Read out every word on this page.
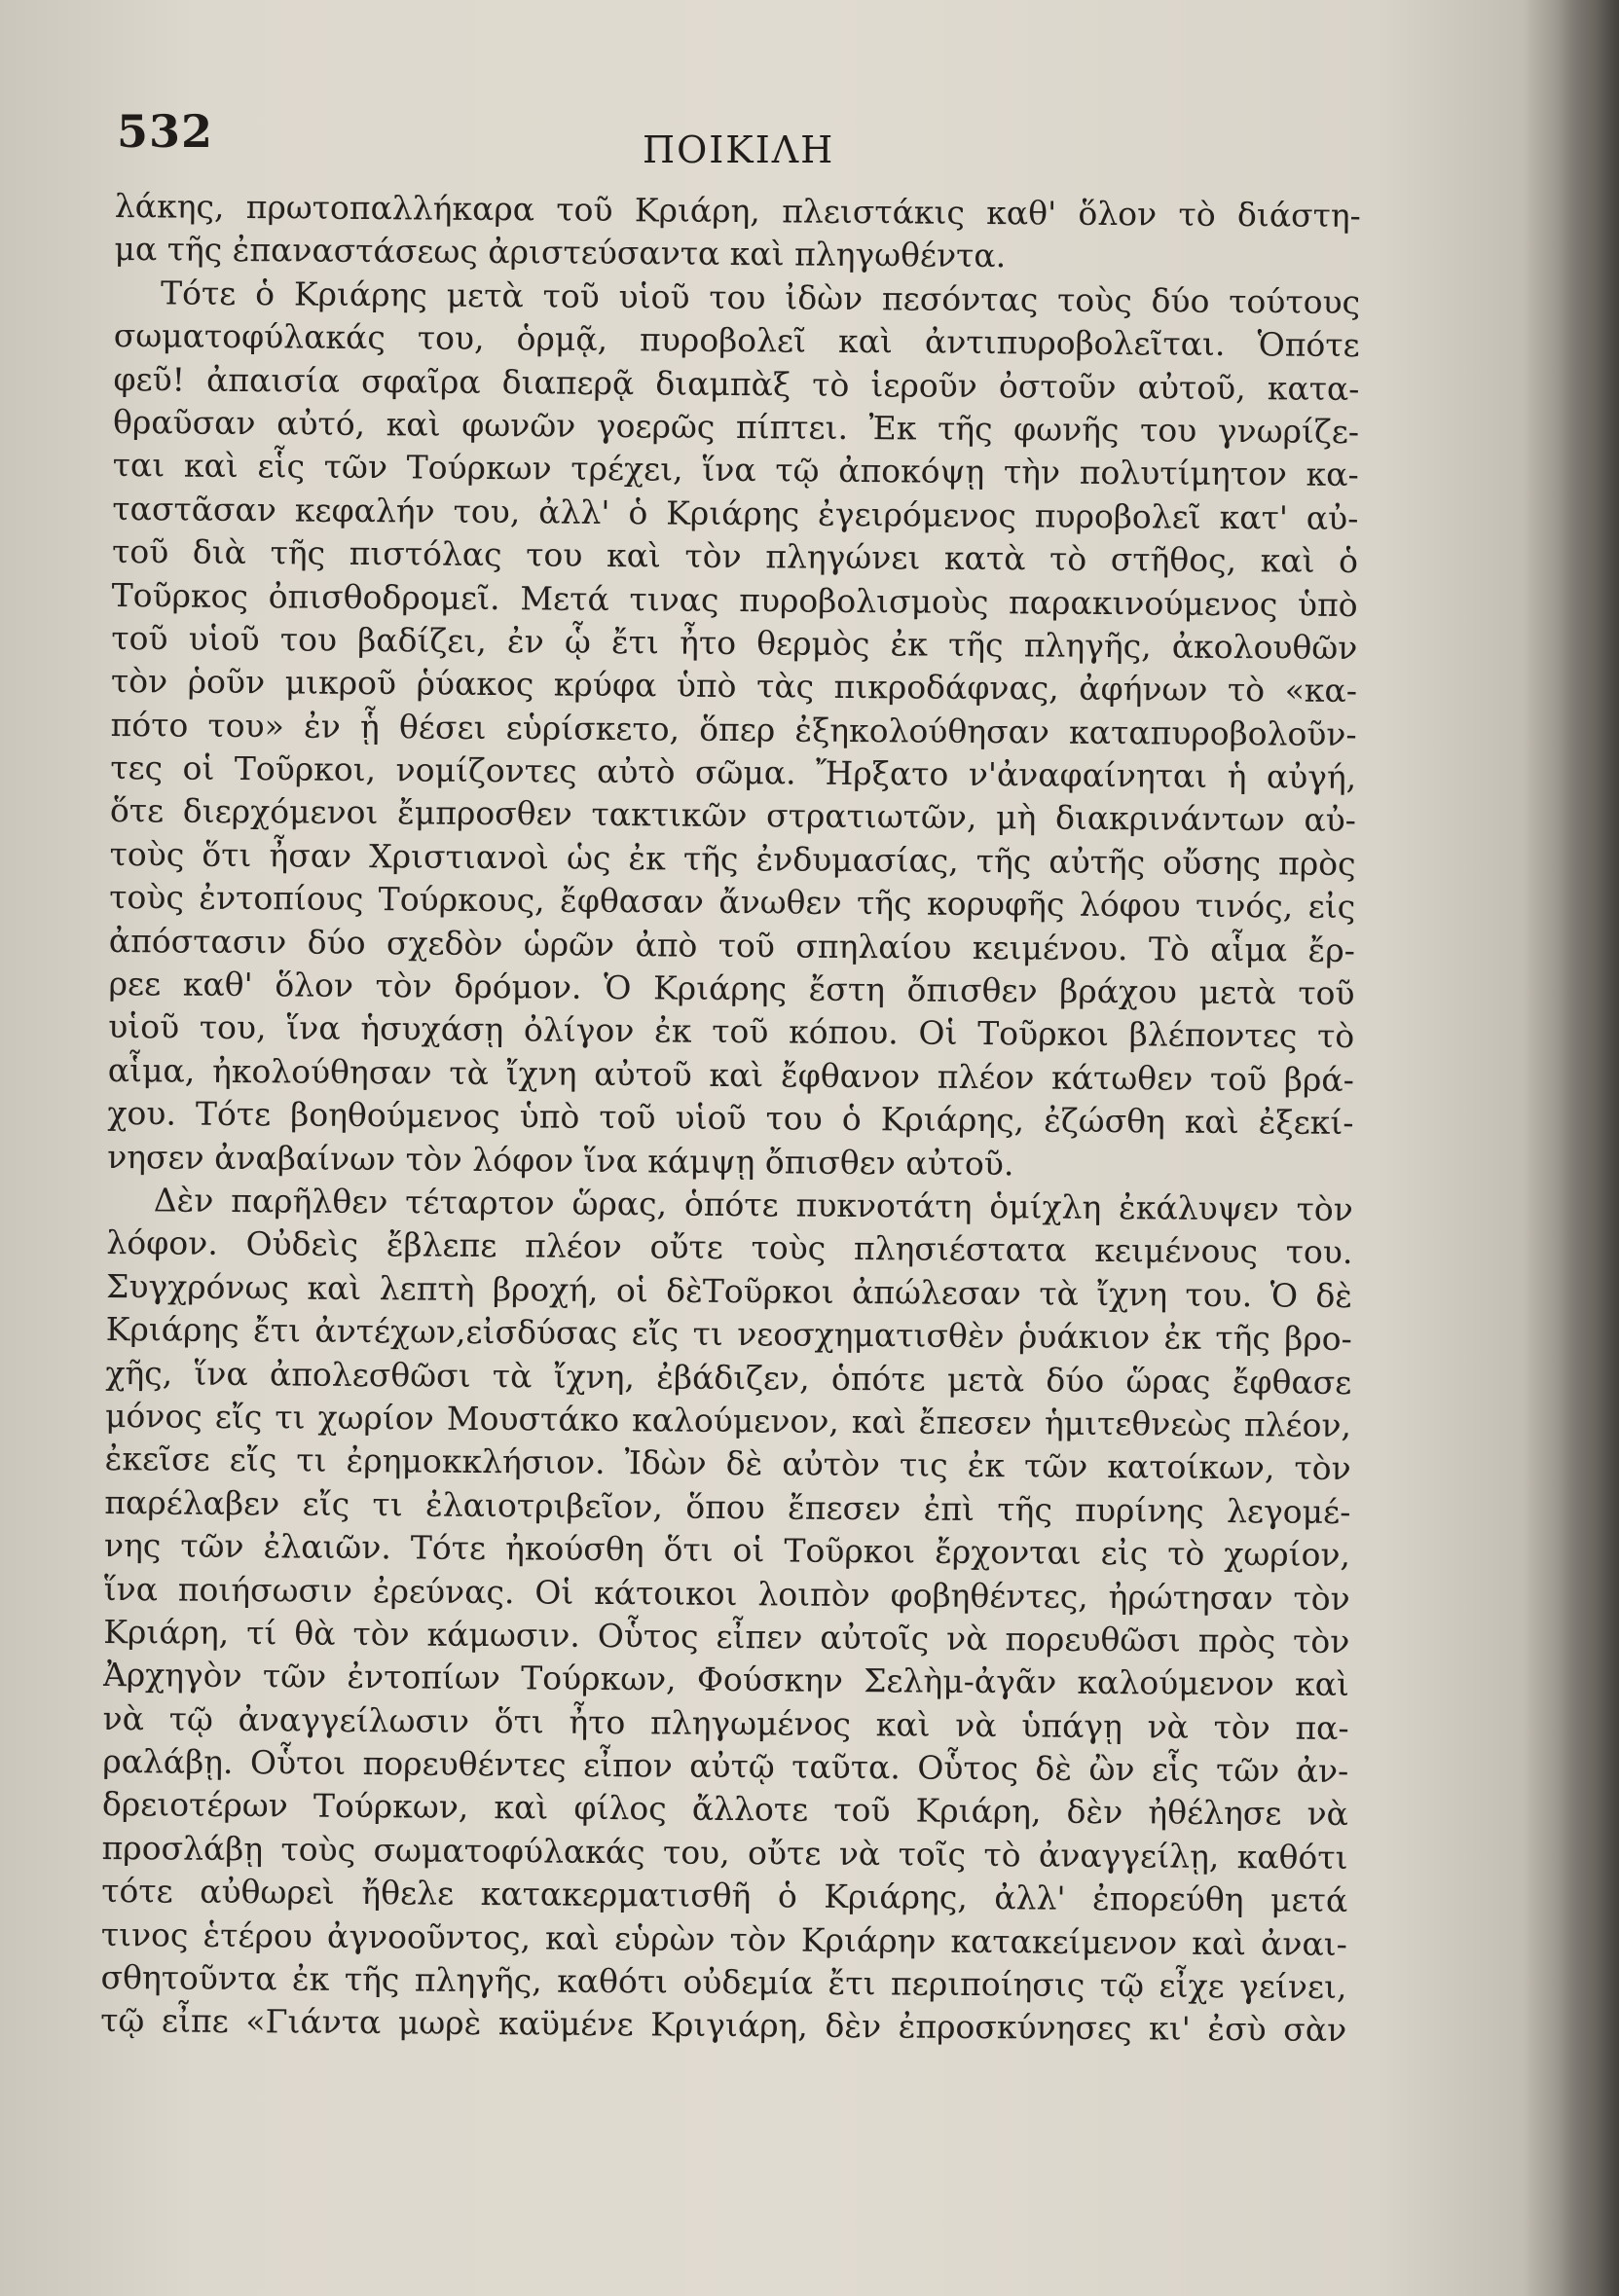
532	ΠΟΙΚΙΛΗ
λάκης, πρωτοπαλλήκαρα τοῦ Κριάρη, πλειστάκις καθ' ὅλον τὸ διάστη-
μα τῆς ἐπαναστάσεως ἀριστεύσαντα καὶ πληγωθέντα.
Τότε ὁ Κριάρης μετὰ τοῦ υἱοῦ του ἰδὼν πεσόντας τοὺς δύο τούτους
σωματοφύλακάς του, ὁρμᾷ, πυροβολεῖ καὶ ἀντιπυροβολεῖται. Ὁπότε
φεῦ! ἀπαισία σφαῖρα διαπερᾷ διαμπὰξ τὸ ἱεροῦν ὀστοῦν αὐτοῦ, κατα-
θραῦσαν αὐτό, καὶ φωνῶν γοερῶς πίπτει. Ἐκ τῆς φωνῆς του γνωρίζε-
ται καὶ εἷς τῶν Τούρκων τρέχει, ἵνα τῷ ἀποκόψῃ τὴν πολυτίμητον κα-
ταστᾶσαν κεφαλήν του, ἀλλ' ὁ Κριάρης ἐγειρόμενος πυροβολεῖ κατ' αὐ-
τοῦ διὰ τῆς πιστόλας του καὶ τὸν πληγώνει κατὰ τὸ στῆθος, καὶ ὁ
Τοῦρκος ὀπισθοδρομεῖ. Μετά τινας πυροβολισμοὺς παρακινούμενος ὑπὸ
τοῦ υἱοῦ του βαδίζει, ἐν ᾧ ἔτι ἦτο θερμὸς ἐκ τῆς πληγῆς, ἀκολουθῶν
τὸν ῥοῦν μικροῦ ῥύακος κρύφα ὑπὸ τὰς πικροδάφνας, ἀφήνων τὸ «κα-
πότο του» ἐν ᾗ θέσει εὑρίσκετο, ὅπερ ἐξηκολούθησαν καταπυροβολοῦν-
τες οἱ Τοῦρκοι, νομίζοντες αὐτὸ σῶμα. Ἤρξατο ν'ἀναφαίνηται ἡ αὐγή,
ὅτε διερχόμενοι ἔμπροσθεν τακτικῶν στρατιωτῶν, μὴ διακρινάντων αὐ-
τοὺς ὅτι ἦσαν Χριστιανοὶ ὡς ἐκ τῆς ἐνδυμασίας, τῆς αὐτῆς οὔσης πρὸς
τοὺς ἐντοπίους Τούρκους, ἔφθασαν ἄνωθεν τῆς κορυφῆς λόφου τινός, εἰς
ἀπόστασιν δύο σχεδὸν ὡρῶν ἀπὸ τοῦ σπηλαίου κειμένου. Τὸ αἷμα ἔρ-
ρεε καθ' ὅλον τὸν δρόμον. Ὁ Κριάρης ἔστη ὄπισθεν βράχου μετὰ τοῦ
υἱοῦ του, ἵνα ἡσυχάσῃ ὀλίγον ἐκ τοῦ κόπου. Οἱ Τοῦρκοι βλέποντες τὸ
αἷμα, ἠκολούθησαν τὰ ἴχνη αὐτοῦ καὶ ἔφθανον πλέον κάτωθεν τοῦ βρά-
χου. Τότε βοηθούμενος ὑπὸ τοῦ υἱοῦ του ὁ Κριάρης, ἐζώσθη καὶ ἐξεκί-
νησεν ἀναβαίνων τὸν λόφον ἵνα κάμψῃ ὄπισθεν αὐτοῦ.
Δὲν παρῆλθεν τέταρτον ὥρας, ὁπότε πυκνοτάτη ὁμίχλη ἐκάλυψεν τὸν
λόφον. Οὐδεὶς ἔβλεπε πλέον οὔτε τοὺς πλησιέστατα κειμένους του.
Συγχρόνως καὶ λεπτὴ βροχή, οἱ δὲΤοῦρκοι ἀπώλεσαν τὰ ἴχνη του. Ὁ δὲ
Κριάρης ἔτι ἀντέχων,εἰσδύσας εἴς τι νεοσχηματισθὲν ῥυάκιον ἐκ τῆς βρο-
χῆς, ἵνα ἀπολεσθῶσι τὰ ἴχνη, ἐβάδιζεν, ὁπότε μετὰ δύο ὥρας ἔφθασε
μόνος εἴς τι χωρίον Μουστάκο καλούμενον, καὶ ἔπεσεν ἡμιτεθνεὼς πλέον,
ἐκεῖσε εἴς τι ἐρημοκκλήσιον. Ἰδὼν δὲ αὐτὸν τις ἐκ τῶν κατοίκων, τὸν
παρέλαβεν εἴς τι ἐλαιοτριβεῖον, ὅπου ἔπεσεν ἐπὶ τῆς πυρίνης λεγομέ-
νης τῶν ἐλαιῶν. Τότε ἠκούσθη ὅτι οἱ Τοῦρκοι ἔρχονται εἰς τὸ χωρίον,
ἵνα ποιήσωσιν ἐρεύνας. Οἱ κάτοικοι λοιπὸν φοβηθέντες, ἠρώτησαν τὸν
Κριάρη, τί θὰ τὸν κάμωσιν. Οὗτος εἶπεν αὐτοῖς νὰ πορευθῶσι πρὸς τὸν
Ἀρχηγὸν τῶν ἐντοπίων Τούρκων, Φούσκην Σελὴμ-ἀγᾶν καλούμενον καὶ
νὰ τῷ ἀναγγείλωσιν ὅτι ἦτο πληγωμένος καὶ νὰ ὑπάγῃ νὰ τὸν πα-
ραλάβῃ. Οὗτοι πορευθέντες εἶπον αὐτῷ ταῦτα. Οὗτος δὲ ὢν εἷς τῶν ἀν-
δρειοτέρων Τούρκων, καὶ φίλος ἄλλοτε τοῦ Κριάρη, δὲν ἠθέλησε νὰ
προσλάβῃ τοὺς σωματοφύλακάς του, οὔτε νὰ τοῖς τὸ ἀναγγείλῃ, καθότι
τότε αὐθωρεὶ ἤθελε κατακερματισθῆ ὁ Κριάρης, ἀλλ' ἐπορεύθη μετά
τινος ἑτέρου ἀγνοοῦντος, καὶ εὑρὼν τὸν Κριάρην κατακείμενον καὶ ἀναι-
σθητοῦντα ἐκ τῆς πληγῆς, καθότι οὐδεμία ἔτι περιποίησις τῷ εἶχε γείνει,
τῷ εἶπε «Γιάντα μωρὲ καϋμένε Κριγιάρη, δὲν ἐπροσκύνησες κι' ἐσὺ σὰν
